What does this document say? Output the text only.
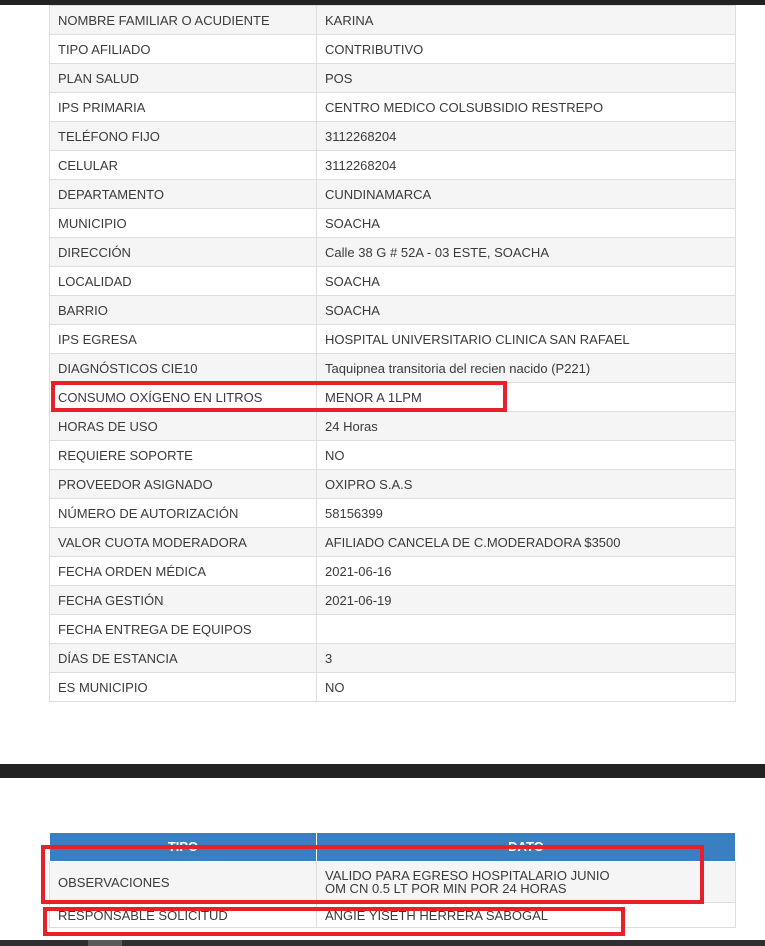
NOMBRE FAMILIAR O ACUDIENTE	KARINA
TIPO AFILIADO	CONTRIBUTIVO
PLAN SALUD	POS
IPS PRIMARIA	CENTRO MEDICO COLSUBSIDIO RESTREPO
TELÉFONO FIJO	3112268204
CELULAR	3112268204
DEPARTAMENTO	CUNDINAMARCA
MUNICIPIO	SOACHA
DIRECCIÓN	Calle 38 G # 52A - 03 ESTE, SOACHA
LOCALIDAD	SOACHA
BARRIO	SOACHA
IPS EGRESA	HOSPITAL UNIVERSITARIO CLINICA SAN RAFAEL
DIAGNÓSTICOS CIE10	Taquipnea transitoria del recien nacido (P221)
CONSUMO OXÍGENO EN LITROS	MENOR A 1LPM
HORAS DE USO	24 Horas
REQUIERE SOPORTE	NO
PROVEEDOR ASIGNADO	OXIPRO S.A.S
NÚMERO DE AUTORIZACIÓN	58156399
VALOR CUOTA MODERADORA	AFILIADO CANCELA DE C.MODERADORA $3500
FECHA ORDEN MÉDICA	2021-06-16
FECHA GESTIÓN	2021-06-19
FECHA ENTREGA DE EQUIPOS	
DÍAS DE ESTANCIA	3
ES MUNICIPIO	NO
TIPO	DATO
OBSERVACIONES	VALIDO PARA EGRESO HOSPITALARIO JUNIO
OM CN 0.5 LT POR MIN POR 24 HORAS

RESPONSABLE SOLICITUD	ANGIE YISETH HERRERA SABOGAL
